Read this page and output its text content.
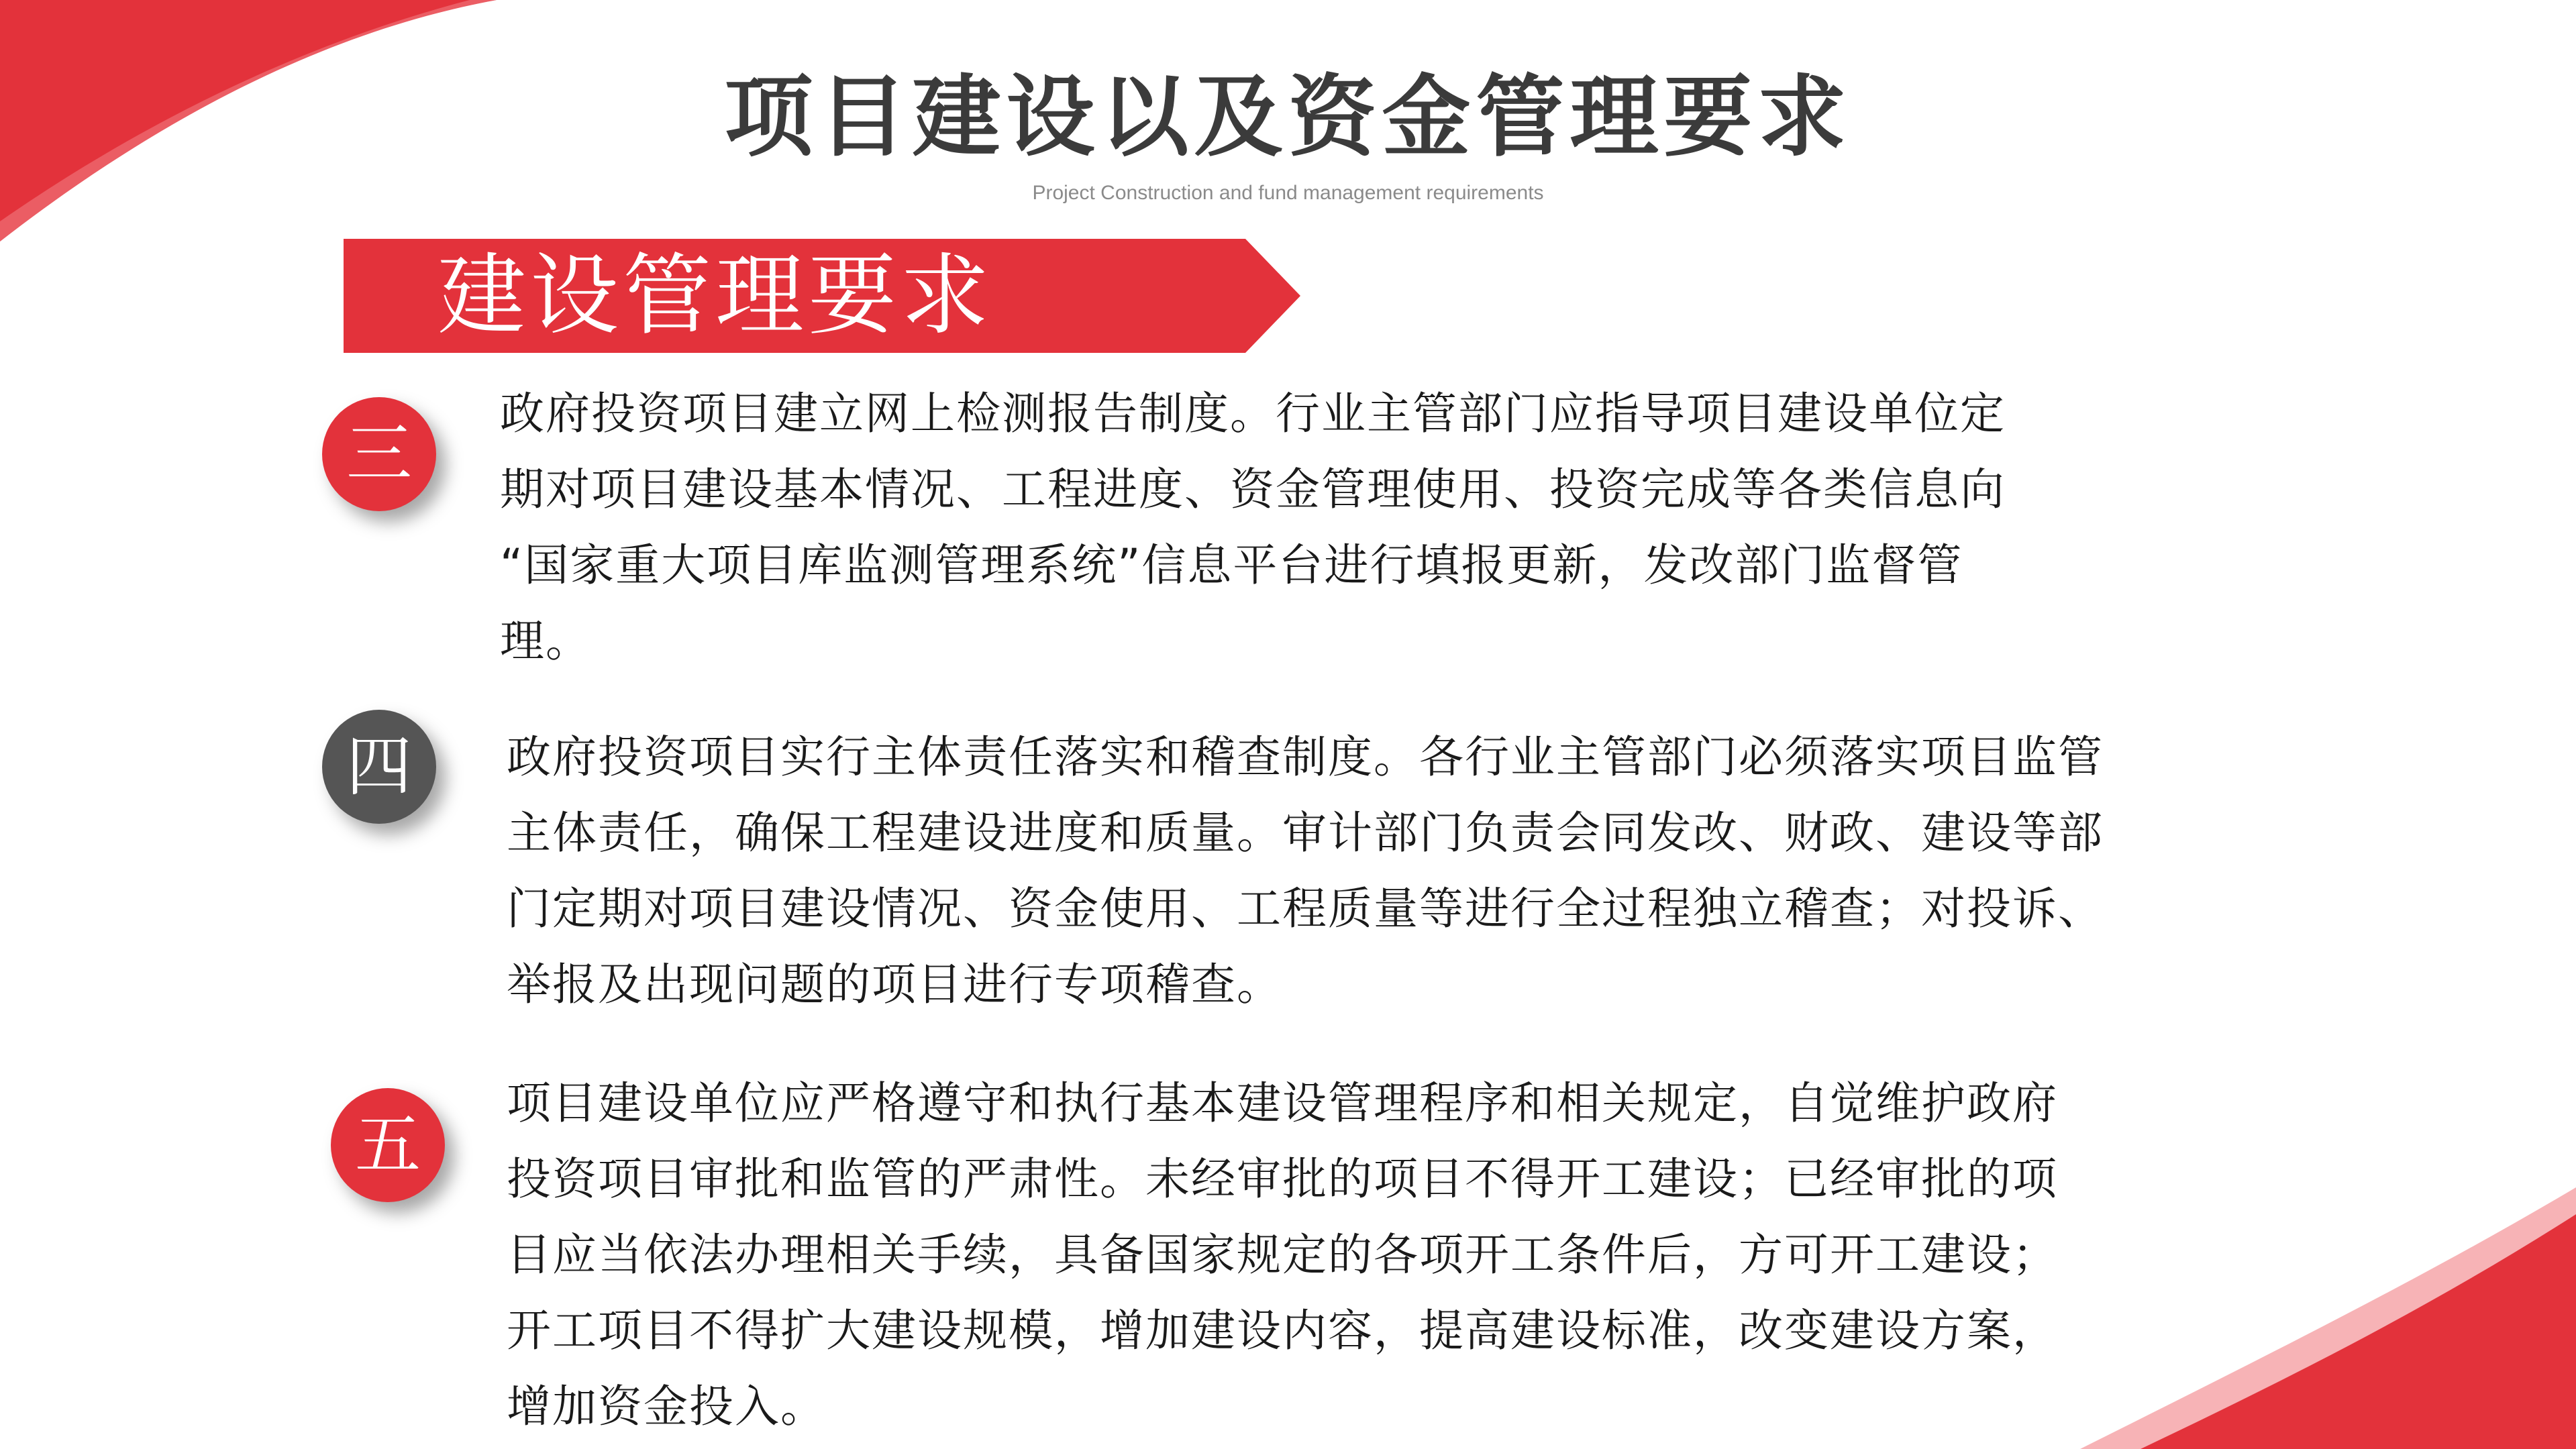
项目建设以及资金管理要求
Project Construction and fund management requirements
建设管理要求
三
政府投资项目建立网上检测报告制度。行业主管部门应指导项目建设单位定
期对项目建设基本情况、工程进度、资金管理使用、投资完成等各类信息向
“国家重大项目库监测管理系统”信息平台进行填报更新，发改部门监督管
理。
四	政府投资项目实行主体责任落实和稽查制度。各行业主管部门必须落实项目监管
主体责任，确保工程建设进度和质量。审计部门负责会同发改、财政、建设等部
门定期对项目建设情况、资金使用、工程质量等进行全过程独立稽查；对投诉、
举报及出现问题的项目进行专项稽查。
五
项目建设单位应严格遵守和执行基本建设管理程序和相关规定，自觉维护政府
投资项目审批和监管的严肃性。未经审批的项目不得开工建设；已经审批的项
目应当依法办理相关手续，具备国家规定的各项开工条件后，方可开工建设；
开工项目不得扩大建设规模，增加建设内容，提高建设标准，改变建设方案，
增加资金投入。
